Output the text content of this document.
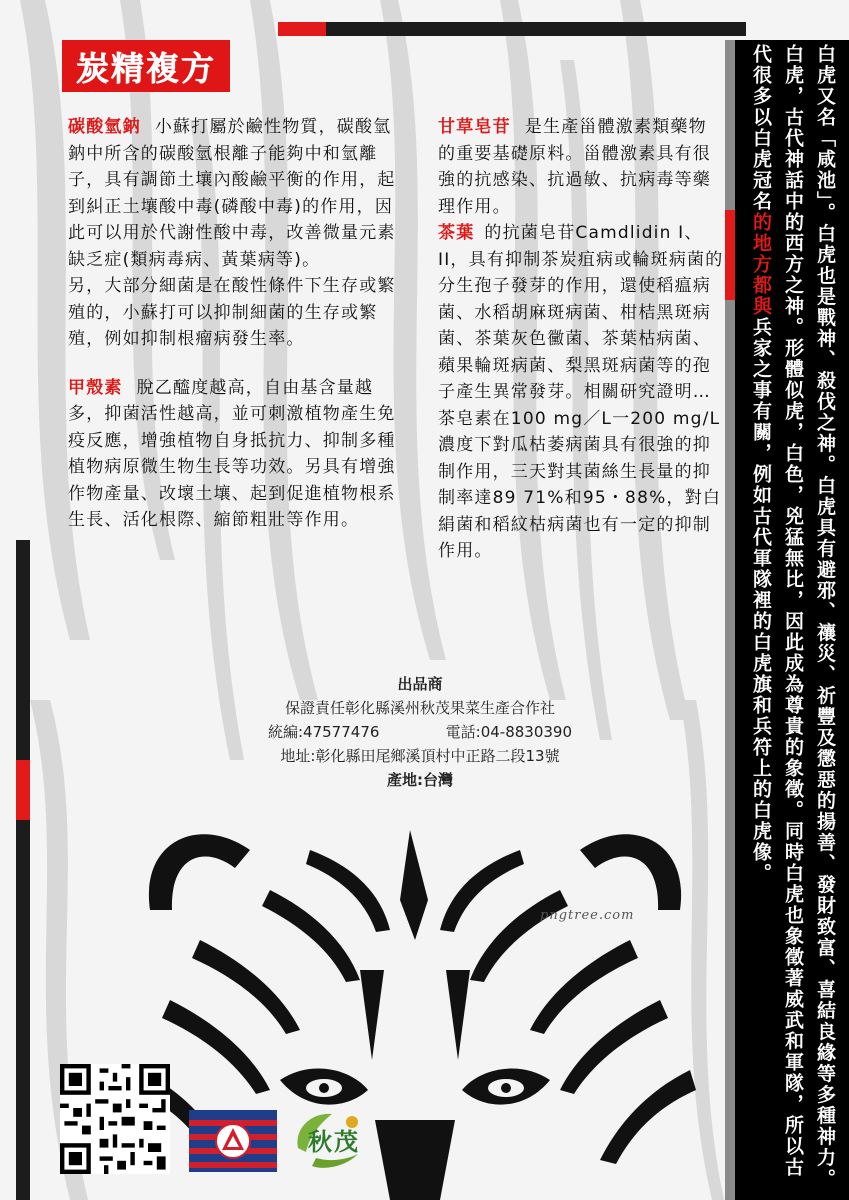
炭精複方

碳酸氫鈉 小蘇打屬於鹼性物質，碳酸氫鈉中所含的碳酸氫根離子能夠中和氫離子，具有調節土壤內酸鹼平衡的作用，起到糾正土壤酸中毒(磷酸中毒)的作用，因此可以用於代謝性酸中毒，改善微量元素缺乏症(類病毒病、黃葉病等)。

另，大部分細菌是在酸性條件下生存或繁殖的，小蘇打可以抑制細菌的生存或繁殖，例如抑制根瘤病發生率。

甲殼素 脫乙醯度越高，自由基含量越多，抑菌活性越高，並可刺激植物產生免疫反應，增強植物自身抵抗力、抑制多種植物病原微生物生長等功效。另具有增強作物產量、改壞土壤、起到促進植物根系生長、活化根際、縮節粗壯等作用。

甘草皂苷 是生產甾體激素類藥物的重要基礎原料。甾體激素具有很強的抗感染、抗過敏、抗病毒等藥理作用。

茶葉 的抗菌皂苷Camdlidin I、II，具有抑制茶炭疽病或輪斑病菌的分生孢子發芽的作用，還使稻瘟病菌、水稻胡麻斑病菌、柑桔黑斑病菌、茶葉灰色黴菌、茶葉枯病菌、蘋果輪斑病菌、梨黑斑病菌等的孢子產生異常發芽。相關研究證明…茶皂素在100 mg／L一200 mg/L濃度下對瓜枯萎病菌具有很強的抑制作用，三天對其菌絲生長量的抑制率達89 71%和95・88%，對白絹菌和稻紋枯病菌也有一定的抑制作用。

出品商
保證責任彰化縣溪州秋茂果菜生產合作社
統編:47577476	電話:04-8830390
地址:彰化縣田尾鄉溪頂村中正路二段13號
產地:台灣	白虎又名「咸池」。白虎也是戰神、殺伐之神。白虎具有避邪、禳災、祈豐及懲惡的揚善、發財致富、喜結良緣等多種神力。白虎，古代神話中的西方之神。形體似虎，白色，兇猛無比，因此成為尊貴的象徵。同時白虎也象徵著威武和軍隊，所以古代很多以白虎冠名的地方都與兵家之事有關，例如古代軍隊裡的白虎旗和兵符上的白虎像。
pngtree.com
秋茂
